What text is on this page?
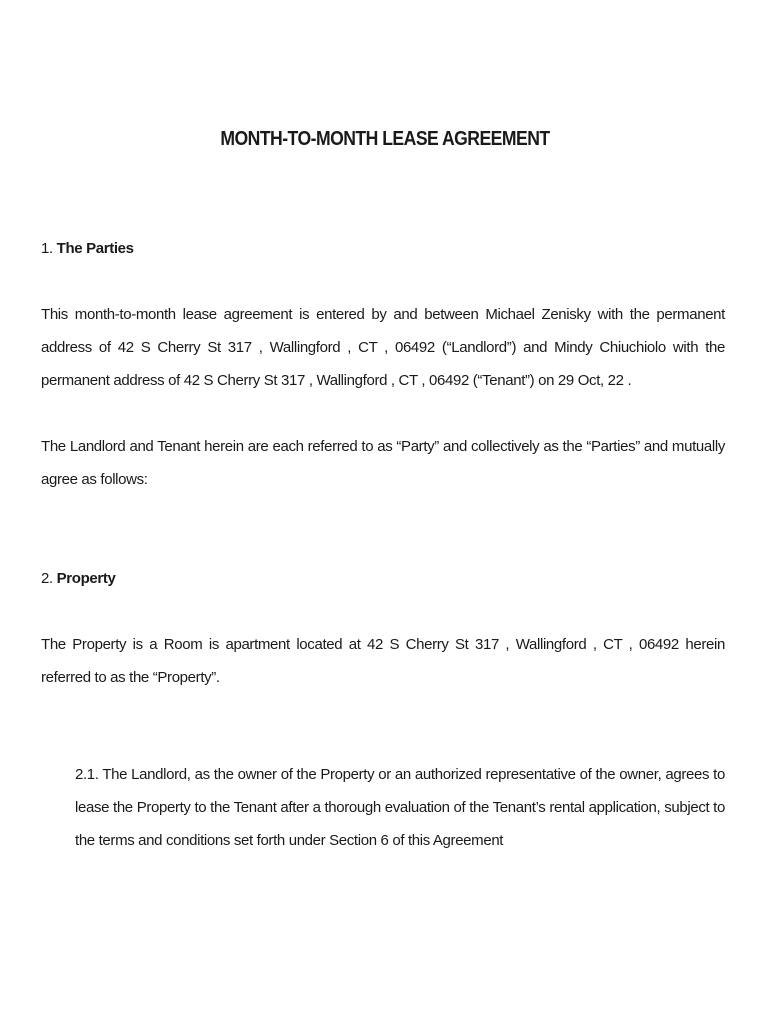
MONTH-TO-MONTH LEASE AGREEMENT
1. The Parties

This month-to-month lease agreement is entered by and between Michael Zenisky with the permanent address of 42 S Cherry St 317 , Wallingford , CT , 06492 (“Landlord”) and Mindy Chiuchiolo with the permanent address of 42 S Cherry St 317 , Wallingford , CT , 06492 (“Tenant”) on 29 Oct, 22 .

The Landlord and Tenant herein are each referred to as “Party” and collectively as the “Parties” and mutually agree as follows:

2. Property

The Property is a Room is apartment located at 42 S Cherry St 317 , Wallingford , CT , 06492 herein referred to as the “Property”.

2.1. The Landlord, as the owner of the Property or an authorized representative of the owner, agrees to lease the Property to the Tenant after a thorough evaluation of the Tenant’s rental application, subject to the terms and conditions set forth under Section 6 of this Agreement
